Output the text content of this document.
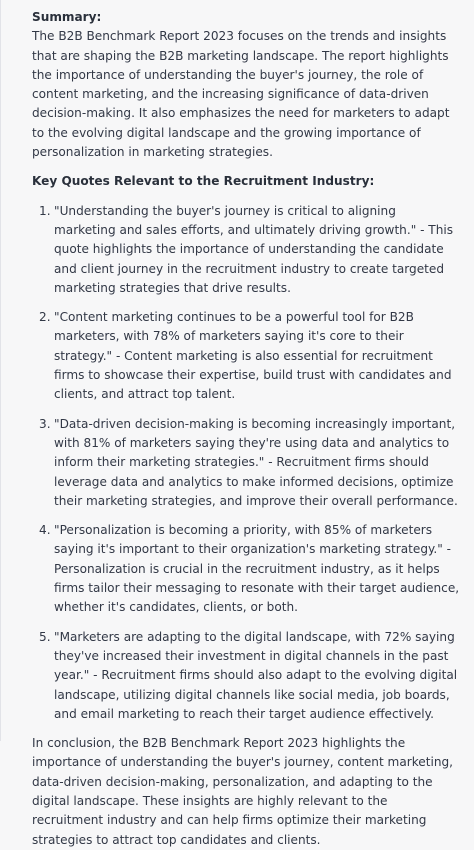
Summary:

The B2B Benchmark Report 2023 focuses on the trends and insights that are shaping the B2B marketing landscape. The report highlights the importance of understanding the buyer's journey, the role of content marketing, and the increasing significance of data-driven decision-making. It also emphasizes the need for marketers to adapt to the evolving digital landscape and the growing importance of personalization in marketing strategies.

Key Quotes Relevant to the Recruitment Industry:

1. "Understanding the buyer's journey is critical to aligning marketing and sales efforts, and ultimately driving growth." - This quote highlights the importance of understanding the candidate and client journey in the recruitment industry to create targeted marketing strategies that drive results.
2. "Content marketing continues to be a powerful tool for B2B marketers, with 78% of marketers saying it's core to their strategy." - Content marketing is also essential for recruitment firms to showcase their expertise, build trust with candidates and clients, and attract top talent.
3. "Data-driven decision-making is becoming increasingly important, with 81% of marketers saying they're using data and analytics to inform their marketing strategies." - Recruitment firms should leverage data and analytics to make informed decisions, optimize their marketing strategies, and improve their overall performance.
4. "Personalization is becoming a priority, with 85% of marketers saying it's important to their organization's marketing strategy." - Personalization is crucial in the recruitment industry, as it helps firms tailor their messaging to resonate with their target audience, whether it's candidates, clients, or both.
5. "Marketers are adapting to the digital landscape, with 72% saying they've increased their investment in digital channels in the past year." - Recruitment firms should also adapt to the evolving digital landscape, utilizing digital channels like social media, job boards, and email marketing to reach their target audience effectively.

In conclusion, the B2B Benchmark Report 2023 highlights the importance of understanding the buyer's journey, content marketing, data-driven decision-making, personalization, and adapting to the digital landscape. These insights are highly relevant to the recruitment industry and can help firms optimize their marketing strategies to attract top candidates and clients.
